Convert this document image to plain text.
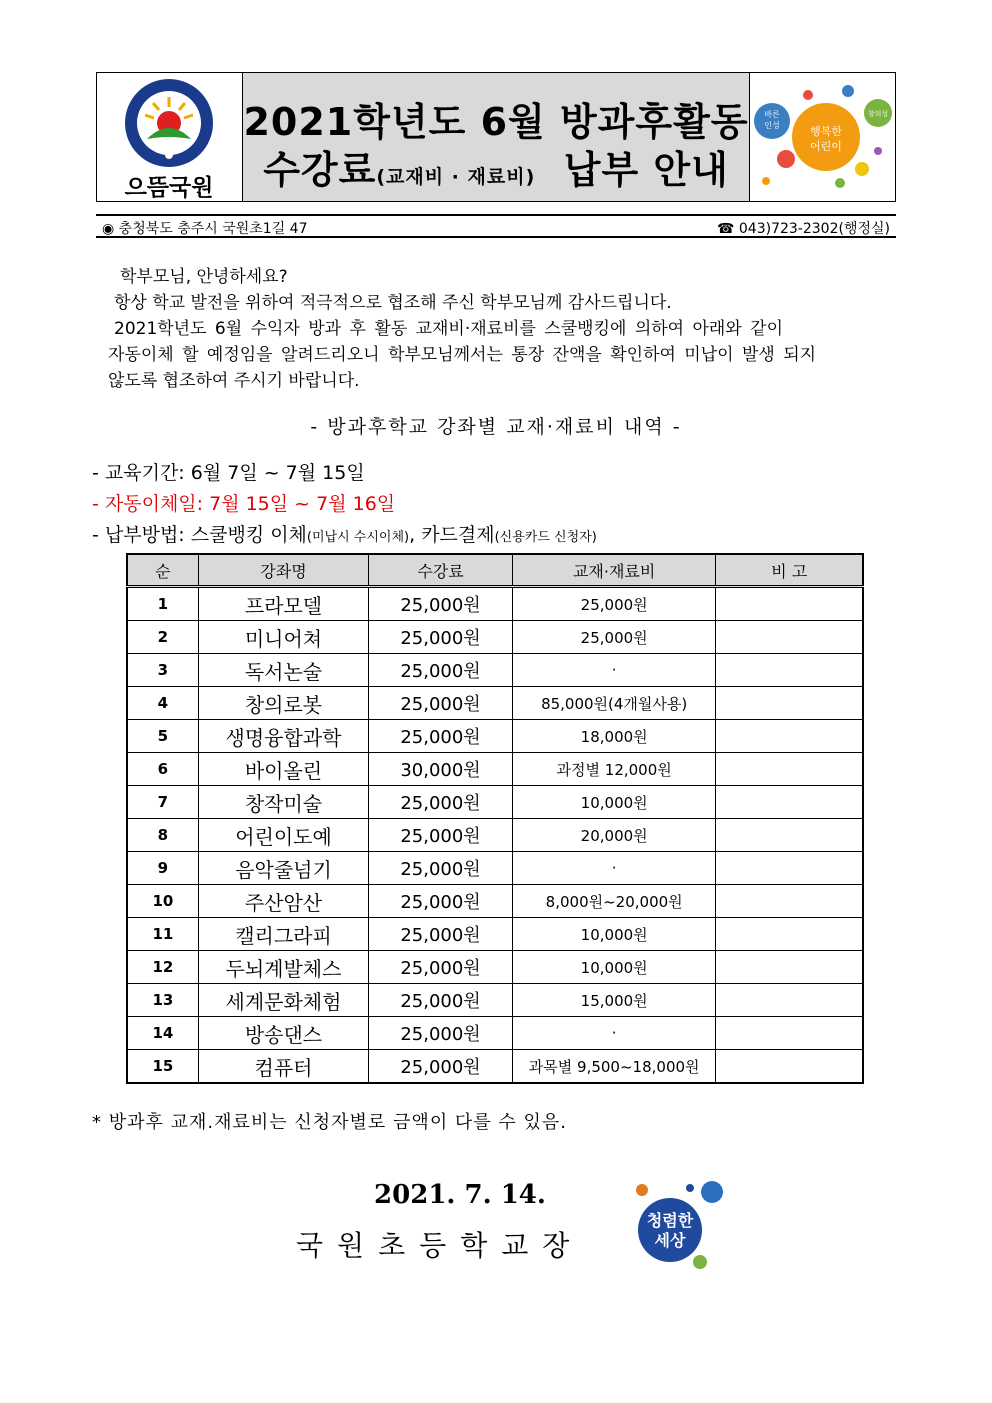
으뜸국원
2021학년도 6월 방과후활동
수강료(교재비 · 재료비) 납부 안내
바른
인성	행복한
어린이
창의성
◉ 충청북도 충주시 국원초1길 47	☎ 043)723-2302(행정실)
학부모님, 안녕하세요?
항상 학교 발전을 위하여 적극적으로 협조해 주신 학부모님께 감사드립니다.
2021학년도 6월 수익자 방과 후 활동 교재비·재료비를 스쿨뱅킹에 의하여 아래와 같이
자동이체 할 예정임을 알려드리오니 학부모님께서는 통장 잔액을 확인하여 미납이 발생 되지
않도록 협조하여 주시기 바랍니다.
- 방과후학교 강좌별 교재·재료비 내역 -
- 교육기간: 6월 7일 ~ 7월 15일
- 자동이체일: 7월 15일 ~ 7월 16일
- 납부방법: 스쿨뱅킹 이체(미납시 수시이체), 카드결제(신용카드 신청자)
순	강좌명	수강료	교재·재료비	비 고
1	프라모델	25,000원	25,000원	
2	미니어쳐	25,000원	25,000원	
3	독서논술	25,000원	·	
4	창의로봇	25,000원	85,000원(4개월사용)	
5	생명융합과학	25,000원	18,000원	
6	바이올린	30,000원	과정별 12,000원	
7	창작미술	25,000원	10,000원	
8	어린이도예	25,000원	20,000원	
9	음악줄넘기	25,000원	·	
10	주산암산	25,000원	8,000원~20,000원	
11	캘리그라피	25,000원	10,000원	
12	두뇌계발체스	25,000원	10,000원	
13	세계문화체험	25,000원	15,000원	
14	방송댄스	25,000원	·	
15	컴퓨터	25,000원	과목별 9,500~18,000원	
* 방과후 교재.재료비는 신청자별로 금액이 다를 수 있음.
2021. 7. 14.
국원초등학교장
청렴한
세상
